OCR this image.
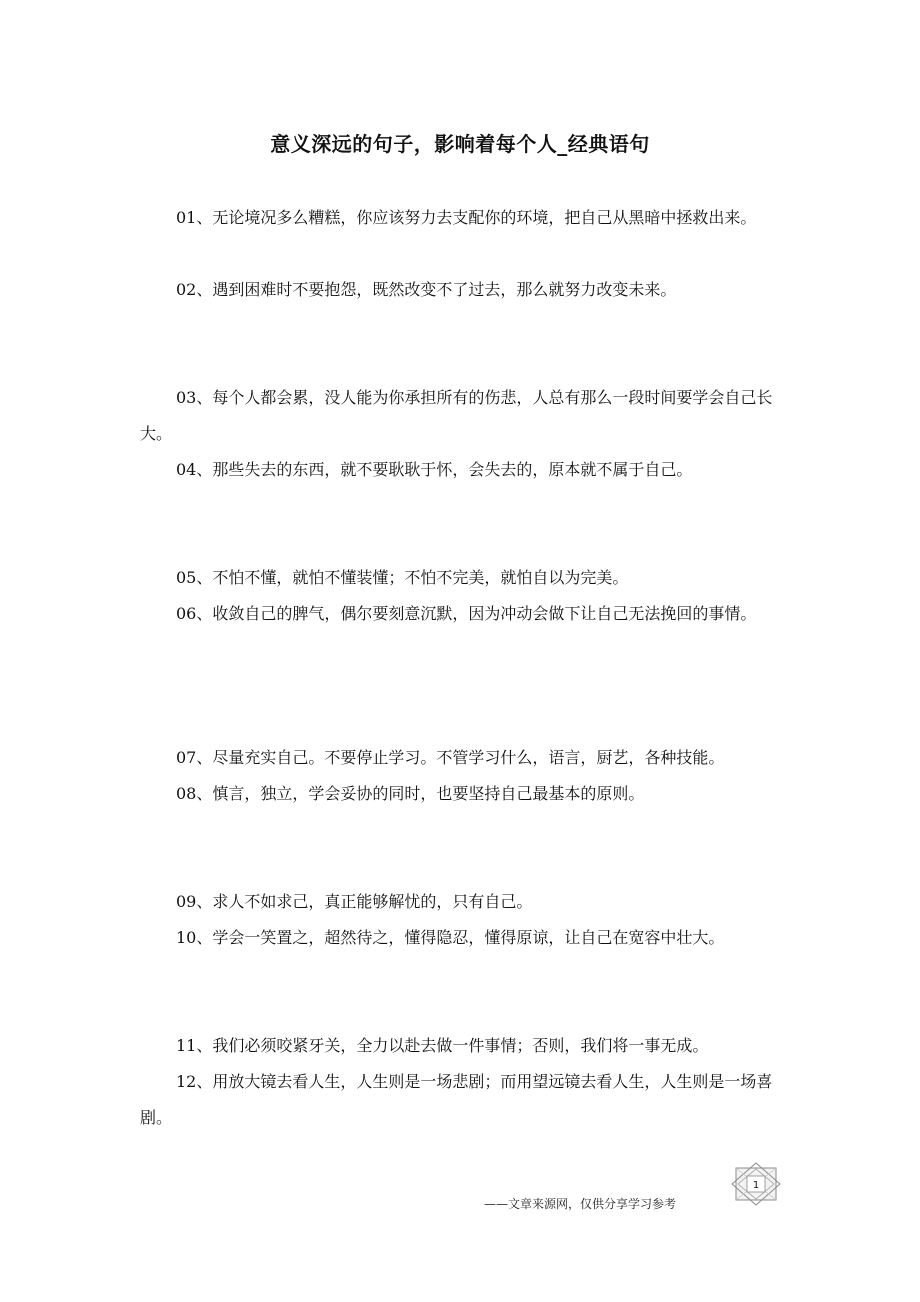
意义深远的句子，影响着每个人_经典语句

01、无论境况多么糟糕，你应该努力去支配你的环境，把自己从黑暗中拯救出来。

02、遇到困难时不要抱怨，既然改变不了过去，那么就努力改变未来。

03、每个人都会累，没人能为你承担所有的伤悲，人总有那么一段时间要学会自己长大。

04、那些失去的东西，就不要耿耿于怀，会失去的，原本就不属于自己。

05、不怕不懂，就怕不懂装懂；不怕不完美，就怕自以为完美。

06、收敛自己的脾气，偶尔要刻意沉默，因为冲动会做下让自己无法挽回的事情。

07、尽量充实自己。不要停止学习。不管学习什么，语言，厨艺，各种技能。

08、慎言，独立，学会妥协的同时，也要坚持自己最基本的原则。

09、求人不如求己，真正能够解忧的，只有自己。

10、学会一笑置之，超然待之，懂得隐忍，懂得原谅，让自己在宽容中壮大。

11、我们必须咬紧牙关，全力以赴去做一件事情；否则，我们将一事无成。

12、用放大镜去看人生，人生则是一场悲剧；而用望远镜去看人生，人生则是一场喜剧。

——文章来源网，仅供分享学习参考
1
